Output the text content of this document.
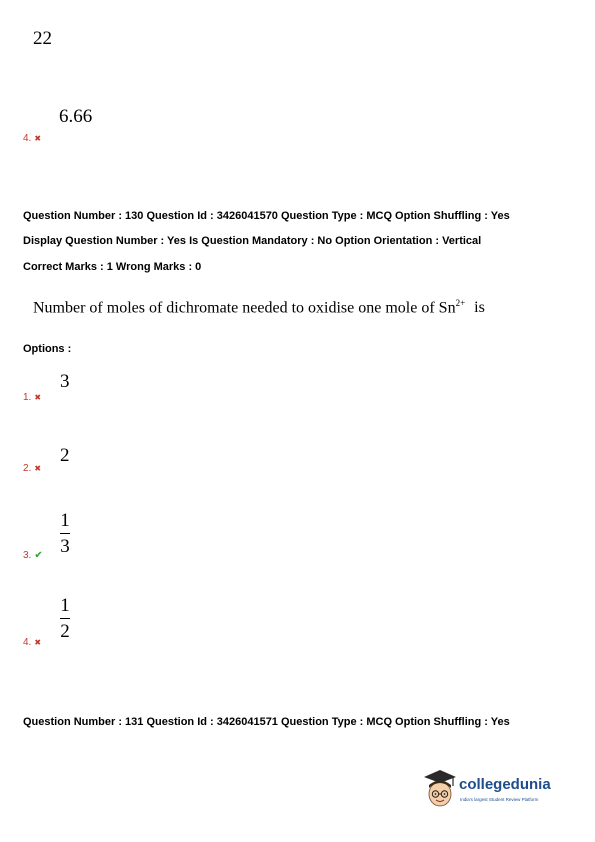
22
6.66
4. ✖
Question Number : 130 Question Id : 3426041570 Question Type : MCQ Option Shuffling : Yes
Display Question Number : Yes Is Question Mandatory : No Option Orientation : Vertical
Correct Marks : 1 Wrong Marks : 0
Number of moles of dichromate needed to oxidise one mole of $Sn^{2+}$ is
Options :
3
1. ✖
2
2. ✖
1
3
3. ✔
1
2
4. ✖
Question Number : 131 Question Id : 3426041571 Question Type : MCQ Option Shuffling : Yes
collegedunia
India's largest Student Review Platform
